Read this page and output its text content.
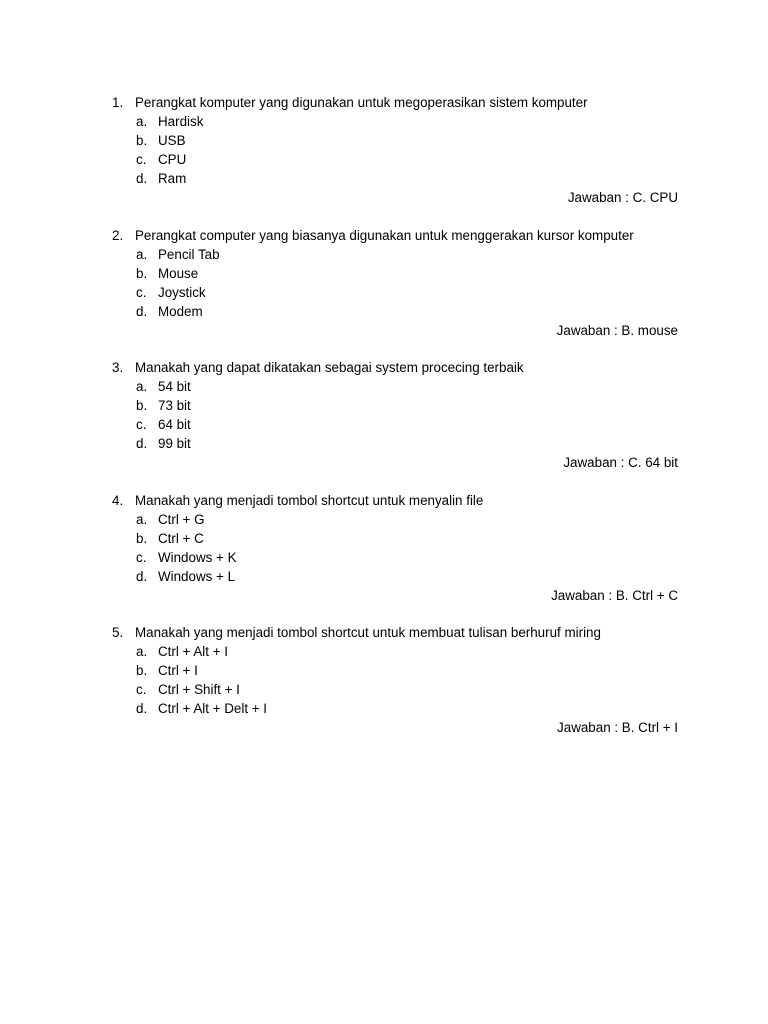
1. Perangkat komputer yang digunakan untuk megoperasikan sistem komputer
a. Hardisk
b. USB
c. CPU
d. Ram
Jawaban : C. CPU
2. Perangkat computer yang biasanya digunakan untuk menggerakan kursor komputer
a. Pencil Tab
b. Mouse
c. Joystick
d. Modem
Jawaban : B. mouse
3. Manakah yang dapat dikatakan sebagai system procecing terbaik
a. 54 bit
b. 73 bit
c. 64 bit
d. 99 bit
Jawaban : C. 64 bit
4. Manakah yang menjadi tombol shortcut untuk menyalin file
a. Ctrl + G
b. Ctrl + C
c. Windows + K
d. Windows + L
Jawaban : B. Ctrl + C
5. Manakah yang menjadi tombol shortcut untuk membuat tulisan berhuruf miring
a. Ctrl + Alt + I
b. Ctrl + I
c. Ctrl + Shift + I
d. Ctrl + Alt + Delt + I
Jawaban : B. Ctrl + I
